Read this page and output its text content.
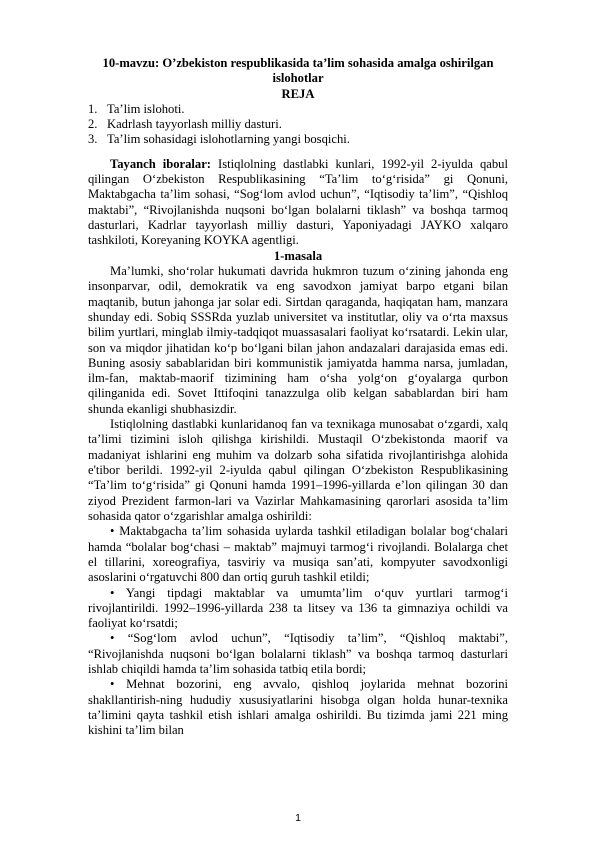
10-mavzu: O’zbekiston respublikasida ta’lim sohasida amalga oshirilgan islohotlar
REJA
1. Ta’lim islohoti.
2. Kadrlash tayyorlash milliy dasturi.
3. Ta’lim sohasidagi islohotlarning yangi bosqichi.

Tayanch iboralar: Istiqlolning dastlabki kunlari, 1992-yil 2-iyulda qabul qilingan O‘zbekiston Respublikasining “Ta’lim to‘g‘risida” gi Qonuni, Maktabgacha ta’lim sohasi, “Sog‘lom avlod uchun”, “Iqtisodiy ta’lim”, “Qishloq maktabi”, “Rivojlanishda nuqsoni bo‘lgan bolalarni tiklash” va boshqa tarmoq dasturlari, Kadrlar tayyorlash milliy dasturi, Yaponiyadagi JAYKO xalqaro tashkiloti, Koreyaning KOYKA agentligi.

1-masala

Ma’lumki, sho‘rolar hukumati davrida hukmron tuzum o‘zining jahonda eng insonparvar, odil, demokratik va eng savodxon jamiyat barpo etgani bilan maqtanib, butun jahonga jar solar edi. Sirtdan qaraganda, haqiqatan ham, manzara shunday edi. Sobiq SSSRda yuzlab universitet va institutlar, oliy va o‘rta maxsus bilim yurtlari, minglab ilmiy-tadqiqot muassasalari faoliyat ko‘rsatardi. Lekin ular, son va miqdor jihatidan ko‘p bo‘lgani bilan jahon andazalari darajasida emas edi. Buning asosiy sabablaridan biri kommunistik jamiyatda hamma narsa, jumladan, ilm-fan, maktab-maorif tizimining ham o‘sha yolg‘on g‘oyalarga qurbon qilinganida edi. Sovet Ittifoqini tanazzulga olib kelgan sabablardan biri ham shunda ekanligi shubhasizdir.

Istiqlolning dastlabki kunlaridanoq fan va texnikaga munosabat o‘zgardi, xalq ta’limi tizimini isloh qilishga kirishildi. Mustaqil O‘zbekistonda maorif va madaniyat ishlarini eng muhim va dolzarb soha sifatida rivojlantirishga alohida e'tibor berildi. 1992-yil 2-iyulda qabul qilingan O‘zbekiston Respublikasining “Ta’lim to‘g‘risida” gi Qonuni hamda 1991–1996-yillarda e’lon qilingan 30 dan ziyod Prezident farmon-lari va Vazirlar Mahkamasining qarorlari asosida ta’lim sohasida qator o‘zgarishlar amalga oshirildi:

• Maktabgacha ta’lim sohasida uylarda tashkil etiladigan bolalar bog‘chalari hamda “bolalar bog‘chasi – maktab” majmuyi tarmog‘i rivojlandi. Bolalarga chet el tillarini, xoreografiya, tasviriy va musiqa san’ati, kompyuter savodxonligi asoslarini o‘rgatuvchi 800 dan ortiq guruh tashkil etildi;

• Yangi tipdagi maktablar va umumta’lim o‘quv yurtlari tarmog‘i rivojlantirildi. 1992–1996-yillarda 238 ta litsey va 136 ta gimnaziya ochildi va faoliyat ko‘rsatdi;

• “Sog‘lom avlod uchun”, “Iqtisodiy ta’lim”, “Qishloq maktabi”, “Rivojlanishda nuqsoni bo‘lgan bolalarni tiklash” va boshqa tarmoq dasturlari ishlab chiqildi hamda ta’lim sohasida tatbiq etila bordi;

• Mehnat bozorini, eng avvalo, qishloq joylarida mehnat bozorini shakllantirish-ning hududiy xususiyatlarini hisobga olgan holda hunar-texnika ta’limini qayta tashkil etish ishlari amalga oshirildi. Bu tizimda jami 221 ming kishini ta’lim bilan

1
